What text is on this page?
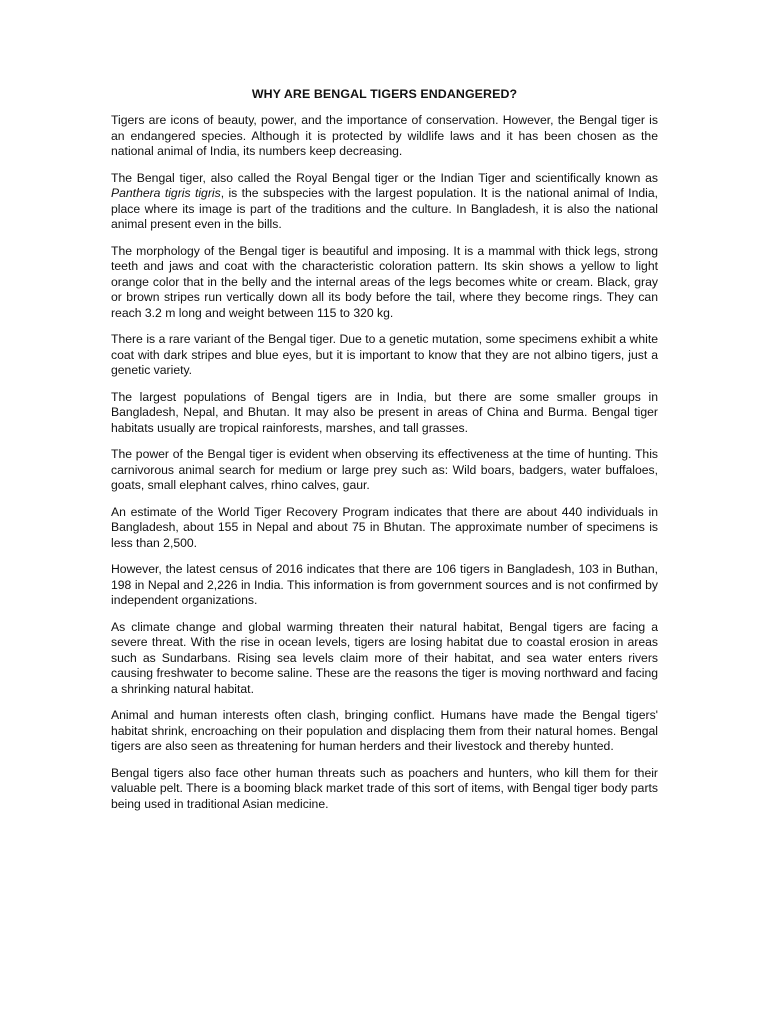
WHY ARE BENGAL TIGERS ENDANGERED?

Tigers are icons of beauty, power, and the importance of conservation. However, the Bengal tiger is an endangered species. Although it is protected by wildlife laws and it has been chosen as the national animal of India, its numbers keep decreasing.

The Bengal tiger, also called the Royal Bengal tiger or the Indian Tiger and scientifically known as Panthera tigris tigris, is the subspecies with the largest population. It is the national animal of India, place where its image is part of the traditions and the culture. In Bangladesh, it is also the national animal present even in the bills.

The morphology of the Bengal tiger is beautiful and imposing. It is a mammal with thick legs, strong teeth and jaws and coat with the characteristic coloration pattern. Its skin shows a yellow to light orange color that in the belly and the internal areas of the legs becomes white or cream. Black, gray or brown stripes run vertically down all its body before the tail, where they become rings. They can reach 3.2 m long and weight between 115 to 320 kg.

There is a rare variant of the Bengal tiger. Due to a genetic mutation, some specimens exhibit a white coat with dark stripes and blue eyes, but it is important to know that they are not albino tigers, just a genetic variety.

The largest populations of Bengal tigers are in India, but there are some smaller groups in Bangladesh, Nepal, and Bhutan. It may also be present in areas of China and Burma. Bengal tiger habitats usually are tropical rainforests, marshes, and tall grasses.

The power of the Bengal tiger is evident when observing its effectiveness at the time of hunting. This carnivorous animal search for medium or large prey such as: Wild boars, badgers, water buffaloes, goats, small elephant calves, rhino calves, gaur.

An estimate of the World Tiger Recovery Program indicates that there are about 440 individuals in Bangladesh, about 155 in Nepal and about 75 in Bhutan. The approximate number of specimens is less than 2,500.

However, the latest census of 2016 indicates that there are 106 tigers in Bangladesh, 103 in Buthan, 198 in Nepal and 2,226 in India. This information is from government sources and is not confirmed by independent organizations.

As climate change and global warming threaten their natural habitat, Bengal tigers are facing a severe threat. With the rise in ocean levels, tigers are losing habitat due to coastal erosion in areas such as Sundarbans. Rising sea levels claim more of their habitat, and sea water enters rivers causing freshwater to become saline. These are the reasons the tiger is moving northward and facing a shrinking natural habitat.

Animal and human interests often clash, bringing conflict. Humans have made the Bengal tigers' habitat shrink, encroaching on their population and displacing them from their natural homes. Bengal tigers are also seen as threatening for human herders and their livestock and thereby hunted.

Bengal tigers also face other human threats such as poachers and hunters, who kill them for their valuable pelt. There is a booming black market trade of this sort of items, with Bengal tiger body parts being used in traditional Asian medicine.
